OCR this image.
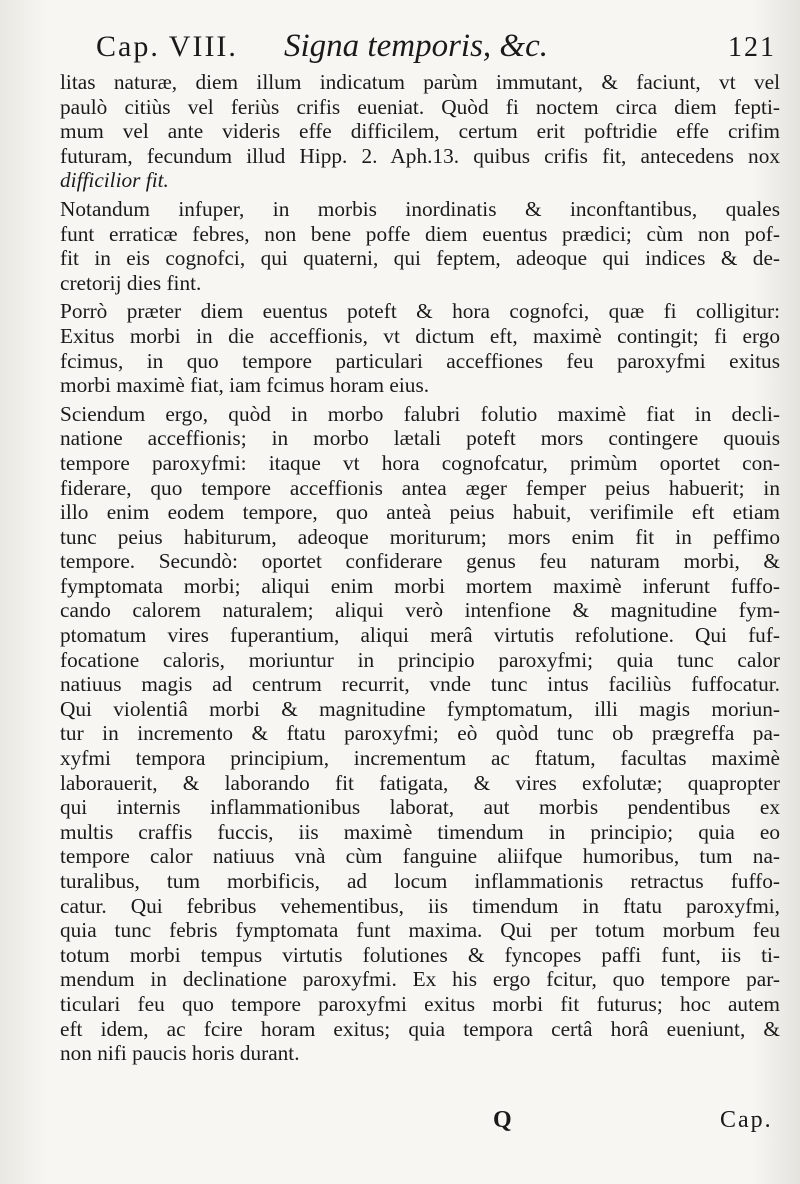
Cap. VIII. Signa temporis, &c.	121
litas naturæ, diem illum indicatum parùm immutant, & faciunt, vt vel
paulò citiùs vel feriùs crifis eueniat. Quòd fi noctem circa diem fepti-
mum vel ante videris effe difficilem, certum erit poftridie effe crifim
futuram, fecundum illud Hipp. 2. Aph.13. quibus crifis fit, antecedens nox
difficilior fit.
Notandum infuper, in morbis inordinatis & inconftantibus, quales
funt erraticæ febres, non bene poffe diem euentus prædici; cùm non pof-
fit in eis cognofci, qui quaterni, qui feptem, adeoque qui indices & de-
cretorij dies fint.
Porrò præter diem euentus poteft & hora cognofci, quæ fi colligitur:
Exitus morbi in die acceffionis, vt dictum eft, maximè contingit; fi ergo
fcimus, in quo tempore particulari acceffiones feu paroxyfmi exitus
morbi maximè fiat, iam fcimus horam eius.
Sciendum ergo, quòd in morbo falubri folutio maximè fiat in decli-
natione acceffionis; in morbo lætali poteft mors contingere quouis
tempore paroxyfmi: itaque vt hora cognofcatur, primùm oportet con-
fiderare, quo tempore acceffionis antea æger femper peius habuerit; in
illo enim eodem tempore, quo anteà peius habuit, verifimile eft etiam
tunc peius habiturum, adeoque moriturum; mors enim fit in peffimo
tempore. Secundò: oportet confiderare genus feu naturam morbi, &
fymptomata morbi; aliqui enim morbi mortem maximè inferunt fuffo-
cando calorem naturalem; aliqui verò intenfione & magnitudine fym-
ptomatum vires fuperantium, aliqui merâ virtutis refolutione. Qui fuf-
focatione caloris, moriuntur in principio paroxyfmi; quia tunc calor
natiuus magis ad centrum recurrit, vnde tunc intus faciliùs fuffocatur.
Qui violentiâ morbi & magnitudine fymptomatum, illi magis moriun-
tur in incremento & ftatu paroxyfmi; eò quòd tunc ob prægreffa pa-
xyfmi tempora principium, incrementum ac ftatum, facultas maximè
laborauerit, & laborando fit fatigata, & vires exfolutæ; quapropter
qui internis inflammationibus laborat, aut morbis pendentibus ex
multis craffis fuccis, iis maximè timendum in principio; quia eo
tempore calor natiuus vnà cùm fanguine aliifque humoribus, tum na-
turalibus, tum morbificis, ad locum inflammationis retractus fuffo-
catur. Qui febribus vehementibus, iis timendum in ftatu paroxyfmi,
quia tunc febris fymptomata funt maxima. Qui per totum morbum feu
totum morbi tempus virtutis folutiones & fyncopes paffi funt, iis ti-
mendum in declinatione paroxyfmi. Ex his ergo fcitur, quo tempore par-
ticulari feu quo tempore paroxyfmi exitus morbi fit futurus; hoc autem
eft idem, ac fcire horam exitus; quia tempora certâ horâ eueniunt, &
non nifi paucis horis durant.
Q	Cap.
